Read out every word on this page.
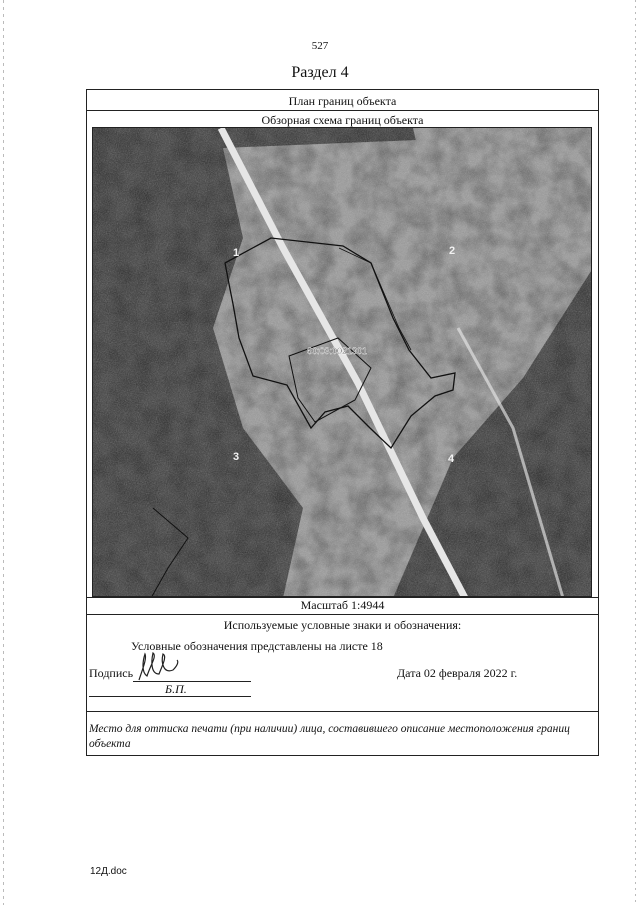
527
Раздел 4
План границ объекта
Обзорная схема границ объекта
60:03:0021301
1	2
3	4
Масштаб 1:4944
Используемые условные знаки и обозначения:
Условные обозначения представлены на листе 18
Подпись	Дата 02 февраля 2022 г.
Б.П.
Место для оттиска печати (при наличии) лица, составившего описание местоположения границ объекта
12Д.doc
